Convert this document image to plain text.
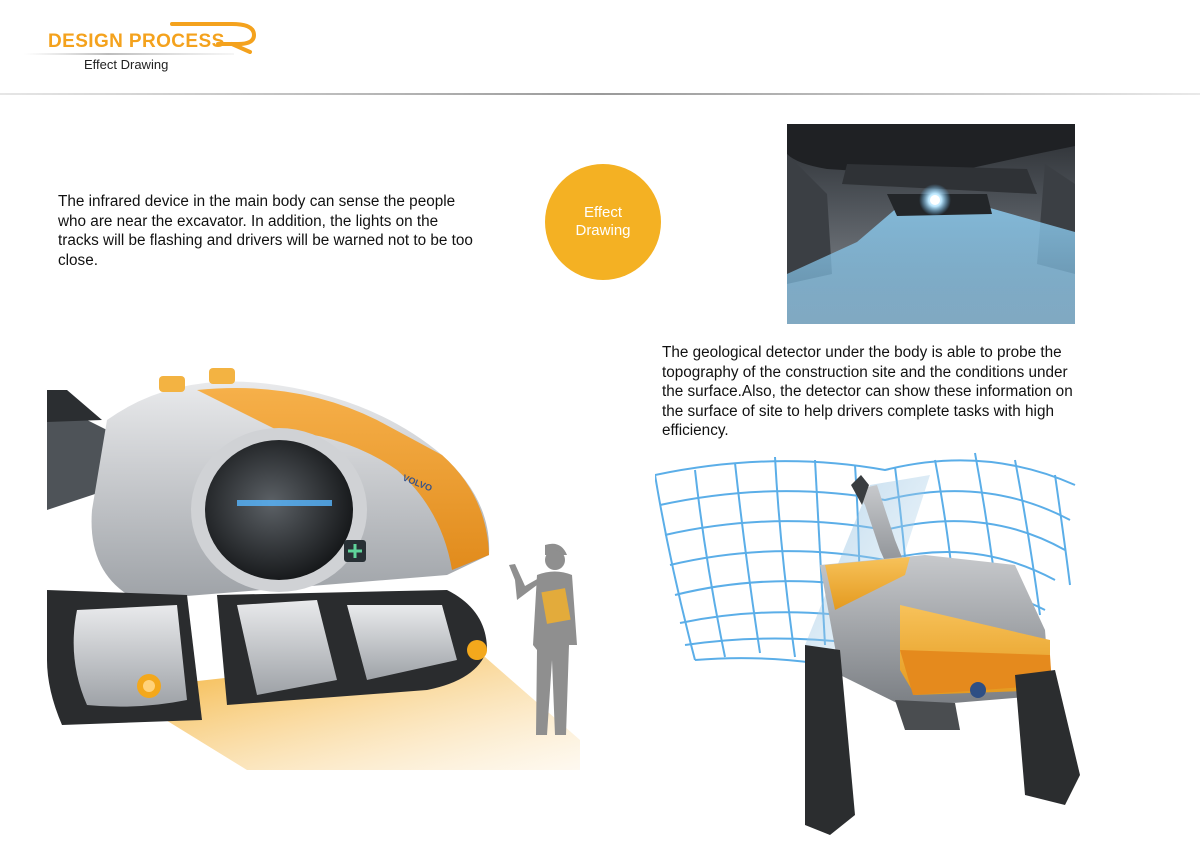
DESIGN PROCESS
Effect Drawing

The infrared device in the main body can sense the people who are near the excavator. In addition, the lights on the tracks will be flashing and drivers will be warned not to be too close.

Effect Drawing

The geological detector under the body is able to probe the topography of the construction site and the conditions under the surface.Also, the detector can show these information on the surface of site to help drivers complete tasks with high efficiency.

VOLVO
